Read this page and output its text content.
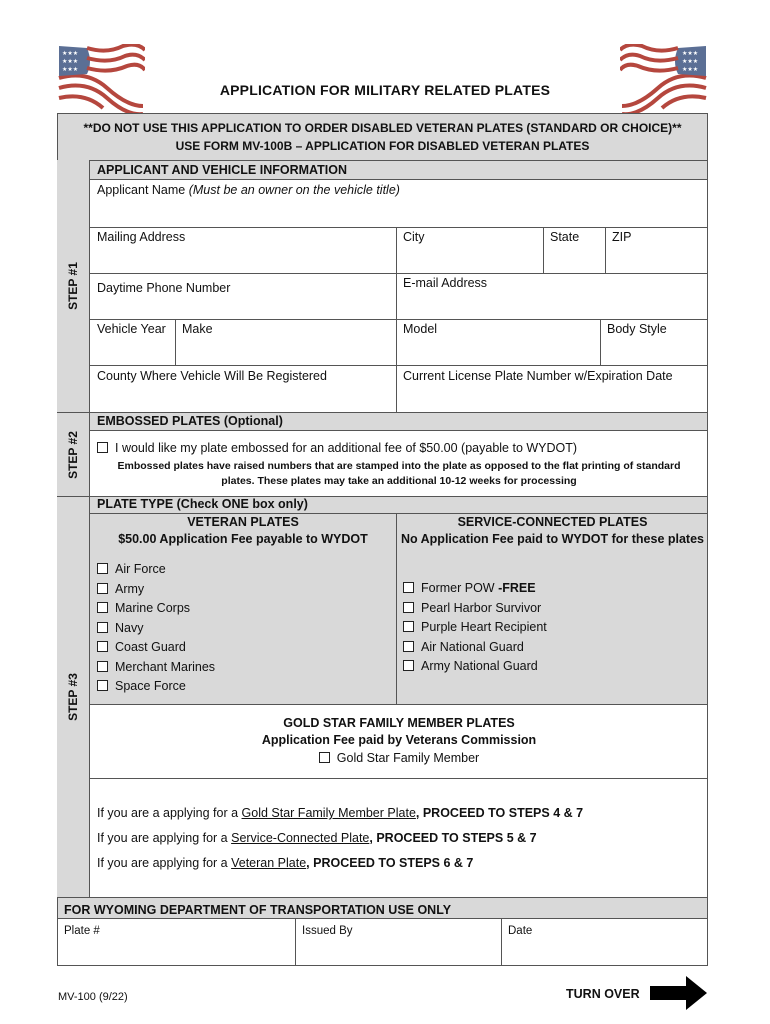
★★★
★★★
★★★
★★★
★★★
★★★
APPLICATION FOR MILITARY RELATED PLATES
**DO NOT USE THIS APPLICATION TO ORDER DISABLED VETERAN PLATES (STANDARD OR CHOICE)**
USE FORM MV-100B – APPLICATION FOR DISABLED VETERAN PLATES
STEP #1
STEP #2
STEP #3
APPLICANT AND VEHICLE INFORMATION
Applicant Name (Must be an owner on the vehicle title)
Mailing Address	City	State	ZIP
Daytime Phone Number	E-mail Address
Vehicle Year Make	Model	Body Style
County Where Vehicle Will Be Registered	Current License Plate Number w/Expiration Date
EMBOSSED PLATES (Optional)
I would like my plate embossed for an additional fee of $50.00 (payable to WYDOT)
Embossed plates have raised numbers that are stamped into the plate as opposed to the flat printing of standard
plates. These plates may take an additional 10-12 weeks for processing
PLATE TYPE (Check ONE box only)
VETERAN PLATES
$50.00 Application Fee payable to WYDOT
Air Force
Army
Marine Corps
Navy
Coast Guard
Merchant Marines
Space Force
SERVICE-CONNECTED PLATES
No Application Fee paid to WYDOT for these plates
Former POW -FREE
Pearl Harbor Survivor
Purple Heart Recipient
Air National Guard
Army National Guard
GOLD STAR FAMILY MEMBER PLATES
Application Fee paid by Veterans Commission
Gold Star Family Member
If you are a applying for a Gold Star Family Member Plate, PROCEED TO STEPS 4 & 7
If you are applying for a Service-Connected Plate, PROCEED TO STEPS 5 & 7
If you are applying for a Veteran Plate, PROCEED TO STEPS 6 & 7
FOR WYOMING DEPARTMENT OF TRANSPORTATION USE ONLY
Plate #	Issued By	Date
MV-100 (9/22)	TURN OVER
